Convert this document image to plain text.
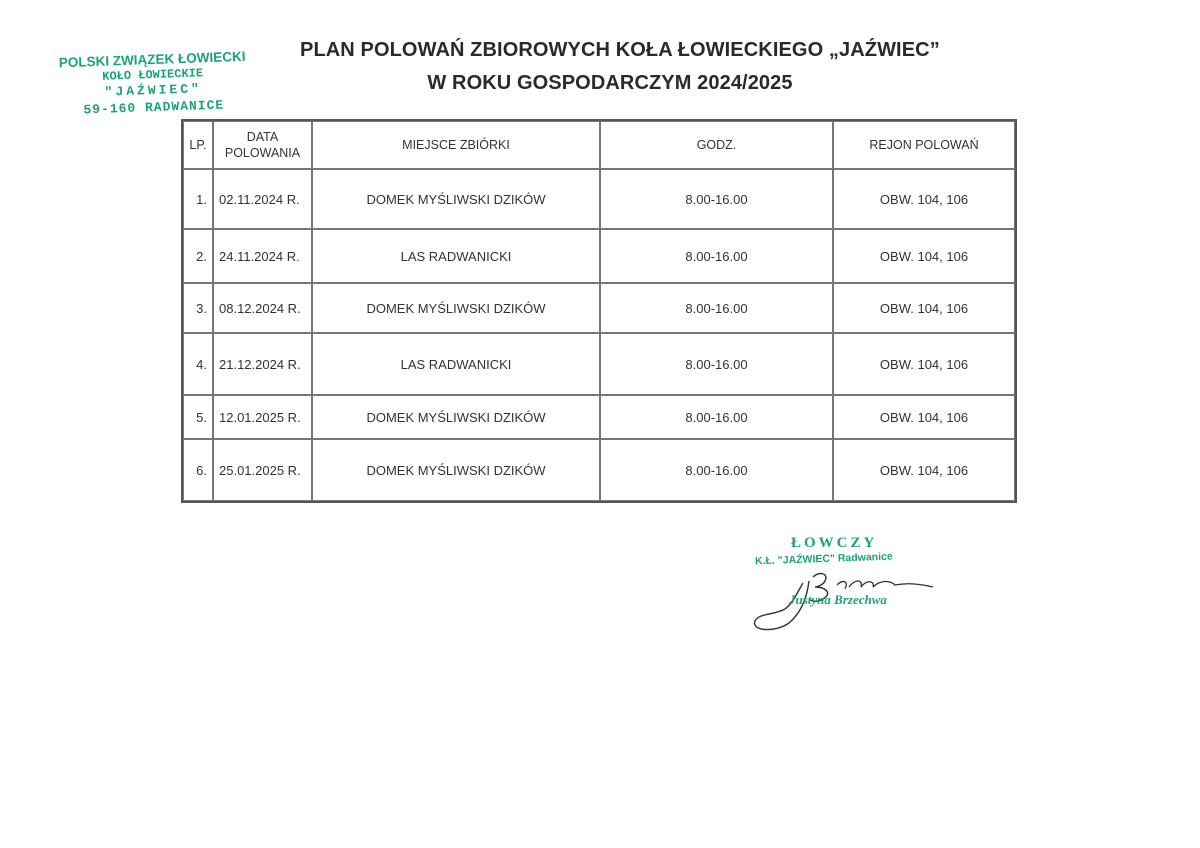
PLAN POLOWAŃ ZBIOROWYCH KOŁA ŁOWIECKIEGO „JAŹWIEC”
W ROKU GOSPODARCZYM 2024/2025
POLSKI ZWIĄZEK ŁOWIECKI
KOŁO ŁOWIECKIE
"JAŹWIEC"
59-160 RADWANICE
LP.	DATA POLOWANIA	MIEJSCE ZBIÓRKI	GODZ.	REJON POLOWAŃ
1.	02.11.2024 R.	DOMEK MYŚLIWSKI DZIKÓW	8.00-16.00	OBW. 104, 106
2.	24.11.2024 R.	LAS RADWANICKI	8.00-16.00	OBW. 104, 106
3.	08.12.2024 R.	DOMEK MYŚLIWSKI DZIKÓW	8.00-16.00	OBW. 104, 106
4.	21.12.2024 R.	LAS RADWANICKI	8.00-16.00	OBW. 104, 106
5.	12.01.2025 R.	DOMEK MYŚLIWSKI DZIKÓW	8.00-16.00	OBW. 104, 106
6.	25.01.2025 R.	DOMEK MYŚLIWSKI DZIKÓW	8.00-16.00	OBW. 104, 106
ŁOWCZY
K.Ł. "JAŹWIEC" Radwanice
Justyna Brzechwa
